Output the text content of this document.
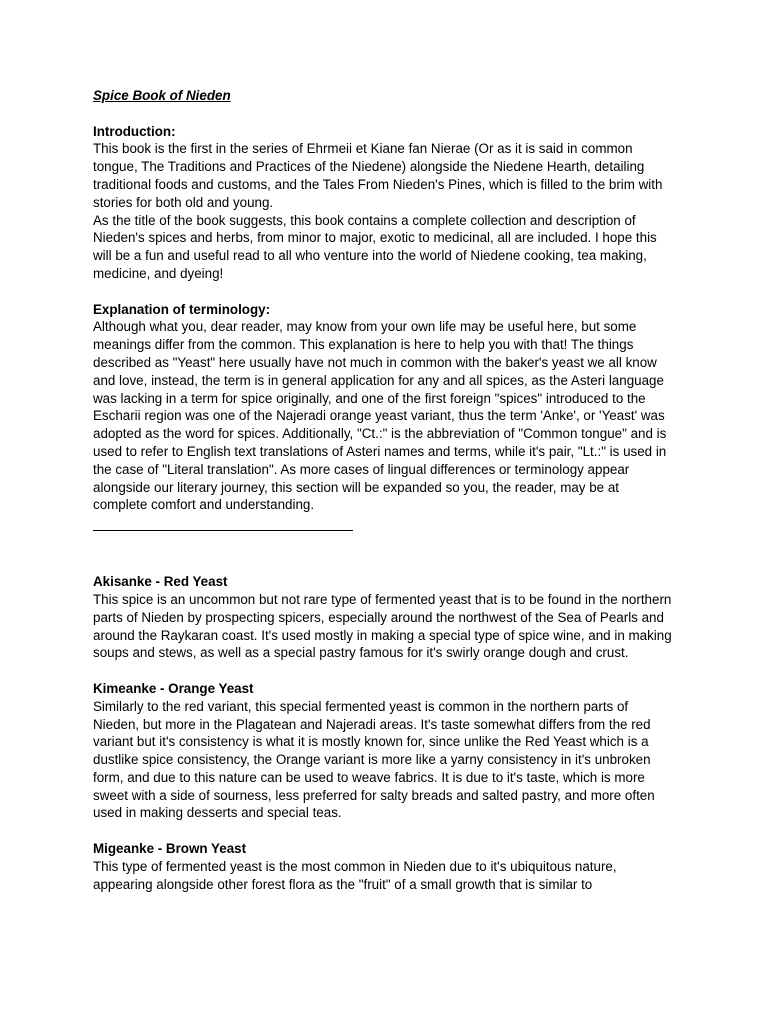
Spice Book of Nieden

Introduction:

This book is the first in the series of Ehrmeii et Kiane fan Nierae (Or as it is said in common tongue, The Traditions and Practices of the Niedene) alongside the Niedene Hearth, detailing traditional foods and customs, and the Tales From Nieden's Pines, which is filled to the brim with stories for both old and young.

As the title of the book suggests, this book contains a complete collection and description of Nieden's spices and herbs, from minor to major, exotic to medicinal, all are included. I hope this will be a fun and useful read to all who venture into the world of Niedene cooking, tea making, medicine, and dyeing!

Explanation of terminology:

Although what you, dear reader, may know from your own life may be useful here, but some meanings differ from the common. This explanation is here to help you with that! The things described as "Yeast" here usually have not much in common with the baker's yeast we all know and love, instead, the term is in general application for any and all spices, as the Asteri language was lacking in a term for spice originally, and one of the first foreign "spices" introduced to the Escharii region was one of the Najeradi orange yeast variant, thus the term 'Anke', or 'Yeast' was adopted as the word for spices. Additionally, "Ct.:" is the abbreviation of "Common tongue" and is used to refer to English text translations of Asteri names and terms, while it's pair, "Lt.:" is used in the case of "Literal translation". As more cases of lingual differences or terminology appear alongside our literary journey, this section will be expanded so you, the reader, may be at complete comfort and understanding.

Akisanke - Red Yeast

This spice is an uncommon but not rare type of fermented yeast that is to be found in the northern parts of Nieden by prospecting spicers, especially around the northwest of the Sea of Pearls and around the Raykaran coast. It's used mostly in making a special type of spice wine, and in making soups and stews, as well as a special pastry famous for it's swirly orange dough and crust.

Kimeanke - Orange Yeast

Similarly to the red variant, this special fermented yeast is common in the northern parts of Nieden, but more in the Plagatean and Najeradi areas. It's taste somewhat differs from the red variant but it's consistency is what it is mostly known for, since unlike the Red Yeast which is a dustlike spice consistency, the Orange variant is more like a yarny consistency in it's unbroken form, and due to this nature can be used to weave fabrics. It is due to it's taste, which is more sweet with a side of sourness, less preferred for salty breads and salted pastry, and more often used in making desserts and special teas.

Migeanke - Brown Yeast

This type of fermented yeast is the most common in Nieden due to it's ubiquitous nature, appearing alongside other forest flora as the "fruit" of a small growth that is similar to
